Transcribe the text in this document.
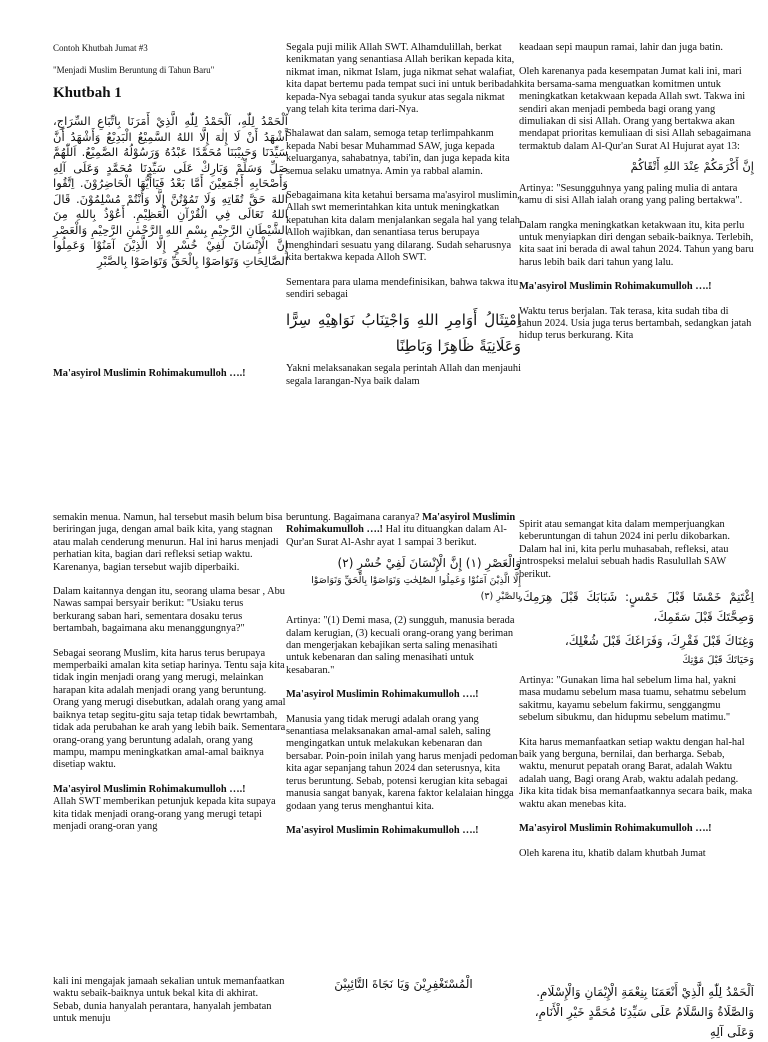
Contoh Khutbah Jumat #3

"Menjadi Muslim Beruntung di Tahun Baru"

Khutbah 1

اَلْحَمْدُ لِلّٰهِ، اَلْحَمْدُ لِلّٰهِ الَّذِيْ أَمَرَنَا بِاتِّبَاعِ السِّرَاجِ، أَشْهَدُ أَنْ لَا إِلٰهَ إِلَّا اللهُ السَّمِيْعُ الْبَدِيْعُ وَأَشْهَدُ أَنَّ سَيِّدَنَا وَحَبِيْبَنَا مُحَمَّدًا عَبْدُهُ وَرَسُوْلُهُ الصَّمِيْعُ. اَللّٰهُمَّ صَلِّ وَسَلِّمْ وَبَارِكْ عَلَى سَيِّدِنَا مُحَمَّدٍ وَعَلَى آلِهِ وَأَصْحَابِهِ أَجْمَعِيْنَ أَمَّا بَعْدُ فَيَاأَيُّهَا الْحَاضِرُوْنَ. اِتَّقُوا اللهَ حَقَّ تُقَاتِهِ وَلَا تَمُوْتُنَّ إِلَّا وَأَنْتُمْ مُسْلِمُوْنَ. قَالَ اللهُ تَعَالَى فِي الْقُرْآنِ الْعَظِيْمِ. أَعُوْذُ بِاللهِ مِنَ الشَّيْطَانِ الرَّجِيْمِ بِسْمِ اللهِ الرَّحْمٰنِ الرَّحِيْمِ وَالْعَصْرِ إِنَّ الْإِنْسَانَ لَفِيْ خُسْرٍ إِلَّا الَّذِيْنَ آمَنُوْا وَعَمِلُوا الصَّالِحَاتِ وَتَوَاصَوْا بِالْحَقِّ وَتَوَاصَوْا بِالصَّبْرِ

Ma'asyirol Muslimin Rohimakumulloh ….!

Segala puji milik Allah SWT. Alhamdulillah, berkat kenikmatan yang senantiasa Allah berikan kepada kita, nikmat iman, nikmat Islam, juga nikmat sehat walafiat, kita dapat bertemu pada tempat suci ini untuk beribadah kepada-Nya sebagai tanda syukur atas segala nikmat yang telah kita terima dari-Nya.

Shalawat dan salam, semoga tetap terlimpahkanm kepada Nabi besar Muhammad SAW, juga kepada keluarganya, sahabatnya, tabi'in, dan juga kepada kita semua selaku umatnya. Amin ya rabbal alamin.

Sebagaimana kita ketahui bersama ma'asyirol muslimin, Allah swt memerintahkan kita untuk meningkatkan kepatuhan kita dalam menjalankan segala hal yang telah Alloh wajibkan, dan senantiasa terus berupaya menghindari sesuatu yang dilarang. Sudah seharusnya kita bertakwa kepada Alloh SWT.

Sementara para ulama mendefinisikan, bahwa takwa itu sendiri sebagai

اِمْتِثَالُ أَوَامِرِ اللهِ وَاجْتِنَابُ نَوَاهِيْهِ سِرًّا وَعَلَانِيَةً ظَاهِرًا وَبَاطِنًا

Yakni melaksanakan segala perintah Allah dan menjauhi segala larangan-Nya baik dalam

keadaan sepi maupun ramai, lahir dan juga batin.

Oleh karenanya pada kesempatan Jumat kali ini, mari kita bersama-sama menguatkan komitmen untuk meningkatkan ketakwaan kepada Allah swt. Takwa ini sendiri akan menjadi pembeda bagi orang yang dimuliakan di sisi Allah. Orang yang bertakwa akan mendapat prioritas kemuliaan di sisi Allah sebagaimana termaktub dalam Al-Qur'an Surat Al Hujurat ayat 13:

إِنَّ أَكْرَمَكُمْ عِنْدَ اللهِ أَتْقَاكُمْ

Artinya: "Sesungguhnya yang paling mulia di antara kamu di sisi Allah ialah orang yang paling bertakwa".

Dalam rangka meningkatkan ketakwaan itu, kita perlu untuk menyiapkan diri dengan sebaik-baiknya. Terlebih, kita saat ini berada di awal tahun 2024. Tahun yang baru harus lebih baik dari tahun yang lalu.

Ma'asyirol Muslimin Rohimakumulloh ….!

Waktu terus berjalan. Tak terasa, kita sudah tiba di tahun 2024. Usia juga terus bertambah, sedangkan jatah hidup terus berkurang. Kita

semakin menua. Namun, hal tersebut masih belum bisa beriringan juga, dengan amal baik kita, yang stagnan atau malah cenderung menurun. Hal ini harus menjadi perhatian kita, bagian dari refleksi setiap waktu. Karenanya, bagian tersebut wajib diperbaiki.

Dalam kaitannya dengan itu, seorang ulama besar , Abu Nawas sampai bersyair berikut: "Usiaku terus berkurang saban hari, sementara dosaku terus bertambah, bagaimana aku menanggungnya?"

Sebagai seorang Muslim, kita harus terus berupaya memperbaiki amalan kita setiap harinya. Tentu saja kita tidak ingin menjadi orang yang merugi, melainkan harapan kita adalah menjadi orang yang beruntung. Orang yang merugi disebutkan, adalah orang yang amal baiknya tetap segitu-gitu saja tetap tidak bewrtambah, tidak ada perubahan ke arah yang lebih baik. Sementara orang-orang yang beruntung adalah, orang yang mampu, mampu meningkatkan amal-amal baiknya disetiap waktu.

Ma'asyirol Muslimin Rohimakumulloh ….!

Allah SWT memberikan petunjuk kepada kita supaya kita tidak menjadi orang-orang yang merugi tetapi menjadi orang-oran yang

beruntung. Bagaimana caranya? Ma'asyirol Muslimin Rohimakumulloh ….! Hal itu dituangkan dalam Al-Qur'an Surat Al-Ashr ayat 1 sampai 3 berikut.

وَالْعَصْرِ (١) إِنَّ الْإِنْسَانَ لَفِيْ خُسْرٍ (٢)

إِلَّا الَّذِيْنَ آمَنُوْا وَعَمِلُوا الصّٰلِحٰتِ وَتَوَاصَوْا بِالْحَقِّ وَتَوَاصَوْا بِالصَّبْرِ (٣)

Artinya: "(1) Demi masa, (2) sungguh, manusia berada dalam kerugian, (3) kecuali orang-orang yang beriman dan mengerjakan kebajikan serta saling menasihati untuk kebenaran dan saling menasihati untuk kesabaran."

Ma'asyirol Muslimin Rohimakumulloh ….!

Manusia yang tidak merugi adalah orang yang senantiasa melaksanakan amal-amal saleh, saling mengingatkan untuk melakukan kebenaran dan bersabar. Poin-poin inilah yang harus menjadi pedoman kita agar sepanjang tahun 2024 dan seterusnya, kita terus beruntung. Sebab, potensi kerugian kita sebagai manusia sangat banyak, karena faktor kelalaian hingga godaan yang terus menghantui kita.

Ma'asyirol Muslimin Rohimakumulloh ….!

Spirit atau semangat kita dalam memperjuangkan keberuntungan di tahun 2024 ini perlu dikobarkan. Dalam hal ini, kita perlu muhasabah, refleksi, atau introspeksi melalui sebuah hadis Rasulullah SAW berikut.

اِغْتَنِمْ خَمْسًا قَبْلَ خَمْسٍ: شَبَابَكَ قَبْلَ هِرَمِكَ، وَصِحَّتَكَ قَبْلَ سَقَمِكَ،

وَغِنَاكَ قَبْلَ فَقْرِكَ، وَفَرَاغَكَ قَبْلَ شُغْلِكَ،

وَحَيَاتَكَ قَبْلَ مَوْتِكَ

Artinya: "Gunakan lima hal sebelum lima hal, yakni masa mudamu sebelum masa tuamu, sehatmu sebelum sakitmu, kayamu sebelum fakirmu, senggangmu sebelum sibukmu, dan hidupmu sebelum matimu."

Kita harus memanfaatkan setiap waktu dengan hal-hal baik yang berguna, bernilai, dan berharga. Sebab, waktu, menurut pepatah orang Barat, adalah Waktu adalah uang, Bagi orang Arab, waktu adalah pedang. Jika kita tidak bisa memanfaatkannya secara baik, maka waktu akan menebas kita.

Ma'asyirol Muslimin Rohimakumulloh ….!

Oleh karena itu, khatib dalam khutbah Jumat

kali ini mengajak jamaah sekalian untuk memanfaatkan waktu sebaik-baiknya untuk bekal kita di akhirat. Sebab, dunia hanyalah perantara, hanyalah jembatan untuk menuju

الْمُسْتَغْفِرِيْنَ وَيَا نَجَاةَ التَّائِبِيْنَ

اَلْحَمْدُ لِلّٰهِ الَّذِيْ أَنْعَمَنَا بِنِعْمَةِ الْإِيْمَانِ وَالْإِسْلَامِ.

وَالصَّلَاةُ وَالسَّلَامُ عَلَى سَيِّدِنَا مُحَمَّدٍ خَيْرِ الْأَنَامِ، وَعَلَى آلِهِ
